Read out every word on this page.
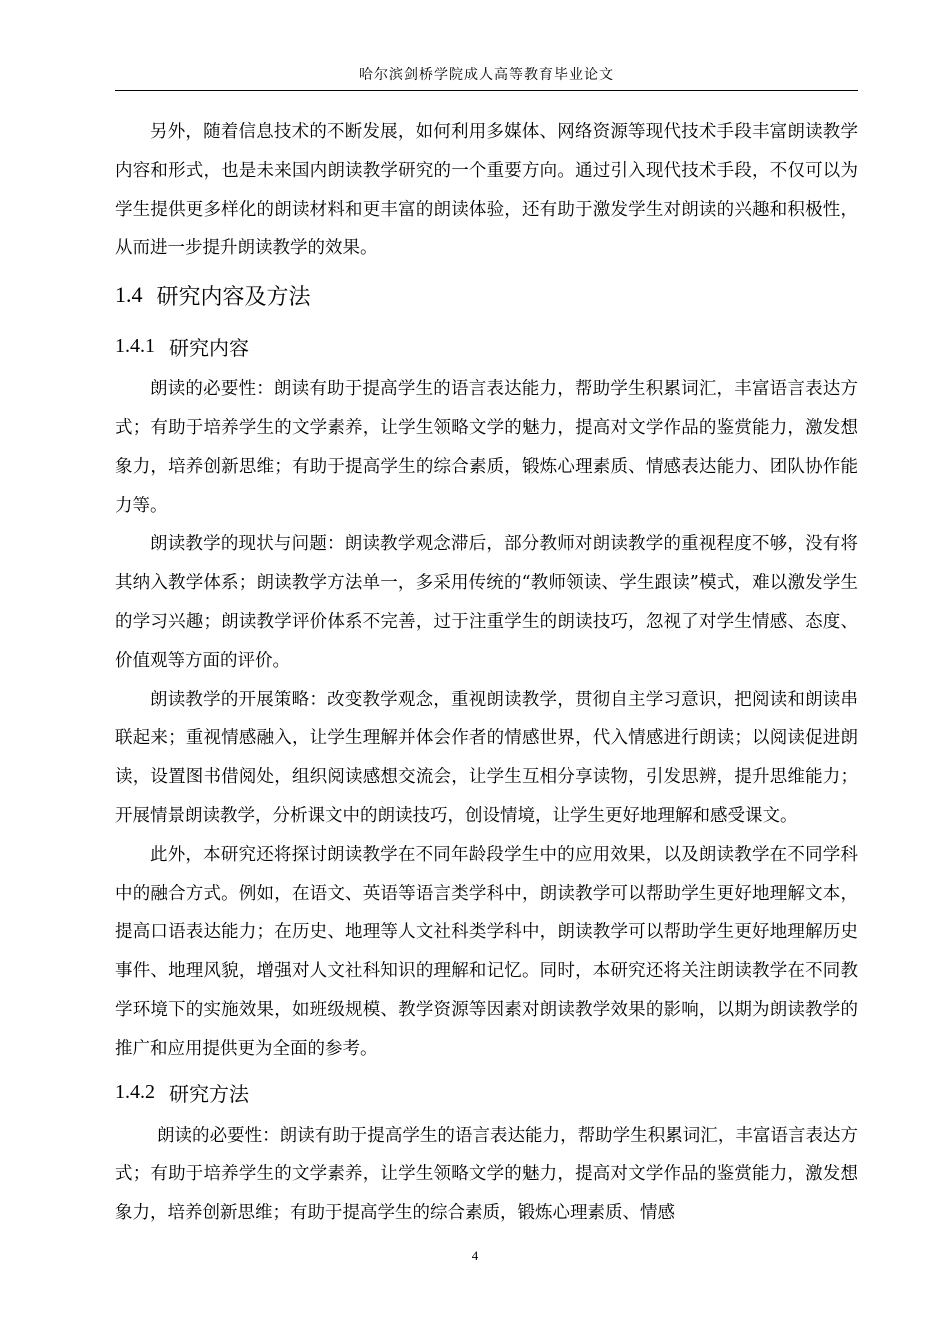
哈尔滨剑桥学院成人高等教育毕业论文

另外，随着信息技术的不断发展，如何利用多媒体、网络资源等现代技术手段丰富朗读教学内容和形式，也是未来国内朗读教学研究的一个重要方向。通过引入现代技术手段，不仅可以为学生提供更多样化的朗读材料和更丰富的朗读体验，还有助于激发学生对朗读的兴趣和积极性，从而进一步提升朗读教学的效果。

1.4 研究内容及方法
1.4.1 研究内容

朗读的必要性：朗读有助于提高学生的语言表达能力，帮助学生积累词汇，丰富语言表达方式；有助于培养学生的文学素养，让学生领略文学的魅力，提高对文学作品的鉴赏能力，激发想象力，培养创新思维；有助于提高学生的综合素质，锻炼心理素质、情感表达能力、团队协作能力等。

朗读教学的现状与问题：朗读教学观念滞后，部分教师对朗读教学的重视程度不够，没有将其纳入教学体系；朗读教学方法单一，多采用传统的“教师领读、学生跟读”模式，难以激发学生的学习兴趣；朗读教学评价体系不完善，过于注重学生的朗读技巧，忽视了对学生情感、态度、价值观等方面的评价。

朗读教学的开展策略：改变教学观念，重视朗读教学，贯彻自主学习意识，把阅读和朗读串联起来；重视情感融入，让学生理解并体会作者的情感世界，代入情感进行朗读；以阅读促进朗读，设置图书借阅处，组织阅读感想交流会，让学生互相分享读物，引发思辨，提升思维能力；开展情景朗读教学，分析课文中的朗读技巧，创设情境，让学生更好地理解和感受课文。

此外，本研究还将探讨朗读教学在不同年龄段学生中的应用效果，以及朗读教学在不同学科中的融合方式。例如，在语文、英语等语言类学科中，朗读教学可以帮助学生更好地理解文本，提高口语表达能力；在历史、地理等人文社科类学科中，朗读教学可以帮助学生更好地理解历史事件、地理风貌，增强对人文社科知识的理解和记忆。同时，本研究还将关注朗读教学在不同教学环境下的实施效果，如班级规模、教学资源等因素对朗读教学效果的影响，以期为朗读教学的推广和应用提供更为全面的参考。

1.4.2 研究方法

朗读的必要性：朗读有助于提高学生的语言表达能力，帮助学生积累词汇，丰富语言表达方式；有助于培养学生的文学素养，让学生领略文学的魅力，提高对文学作品的鉴赏能力，激发想象力，培养创新思维；有助于提高学生的综合素质，锻炼心理素质、情感

4
